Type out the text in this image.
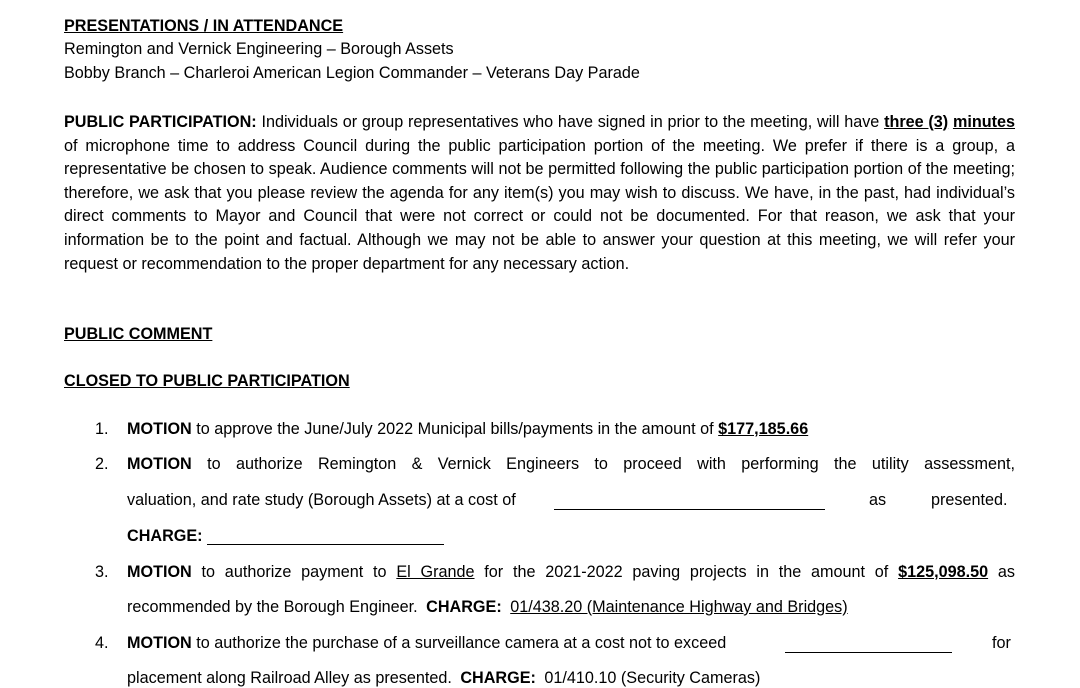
PRESENTATIONS / IN ATTENDANCE
Remington and Vernick Engineering – Borough Assets
Bobby Branch – Charleroi American Legion Commander – Veterans Day Parade
PUBLIC PARTICIPATION: Individuals or group representatives who have signed in prior to the meeting, will have three (3) minutes of microphone time to address Council during the public participation portion of the meeting. We prefer if there is a group, a representative be chosen to speak. Audience comments will not be permitted following the public participation portion of the meeting; therefore, we ask that you please review the agenda for any item(s) you may wish to discuss. We have, in the past, had individual’s direct comments to Mayor and Council that were not correct or could not be documented. For that reason, we ask that your information be to the point and factual. Although we may not be able to answer your question at this meeting, we will refer your request or recommendation to the proper department for any necessary action.
PUBLIC COMMENT
CLOSED TO PUBLIC PARTICIPATION
1. MOTION to approve the June/July 2022 Municipal bills/payments in the amount of $177,185.66
2. MOTION to authorize Remington & Vernick Engineers to proceed with performing the utility assessment,
valuation, and rate study (Borough Assets) at a cost of	as	presented.
CHARGE:
3. MOTION to authorize payment to El Grande for the 2021-2022 paving projects in the amount of $125,098.50 as
recommended by the Borough Engineer. CHARGE: 01/438.20 (Maintenance Highway and Bridges)
4. MOTION to authorize the purchase of a surveillance camera at a cost not to exceed	for
placement along Railroad Alley as presented. CHARGE: 01/410.10 (Security Cameras)
